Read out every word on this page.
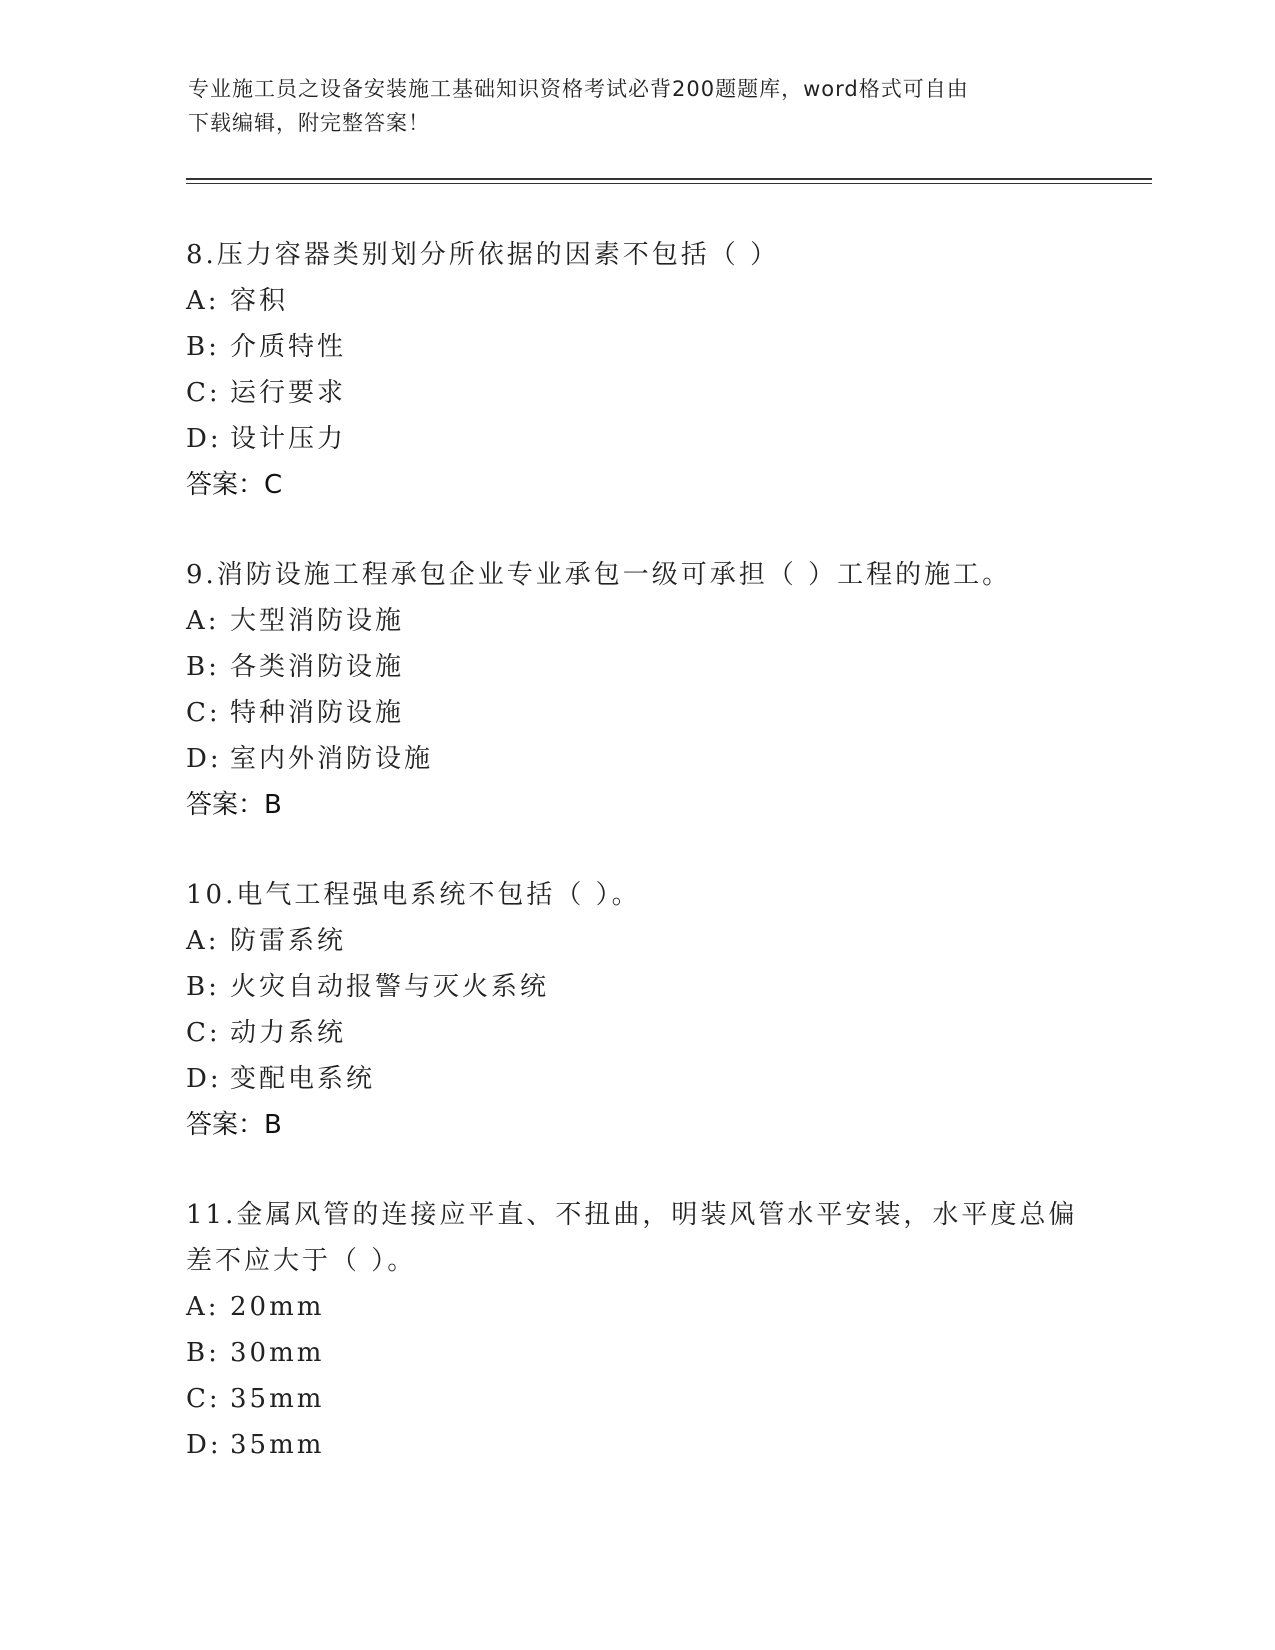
专业施工员之设备安装施工基础知识资格考试必背200题题库，word格式可自由
下载编辑，附完整答案！

8.压力容器类别划分所依据的因素不包括（ ）

A: 容积

B: 介质特性

C: 运行要求

D: 设计压力

答案：C

9.消防设施工程承包企业专业承包一级可承担（ ）工程的施工。

A: 大型消防设施

B: 各类消防设施

C: 特种消防设施

D: 室内外消防设施

答案：B

10.电气工程强电系统不包括（ ）。

A: 防雷系统

B: 火灾自动报警与灭火系统

C: 动力系统

D: 变配电系统

答案：B

11.金属风管的连接应平直、不扭曲，明装风管水平安装，水平度总偏差不应大于（ ）。

A: 20mm

B: 30mm

C: 35mm

D: 35mm
